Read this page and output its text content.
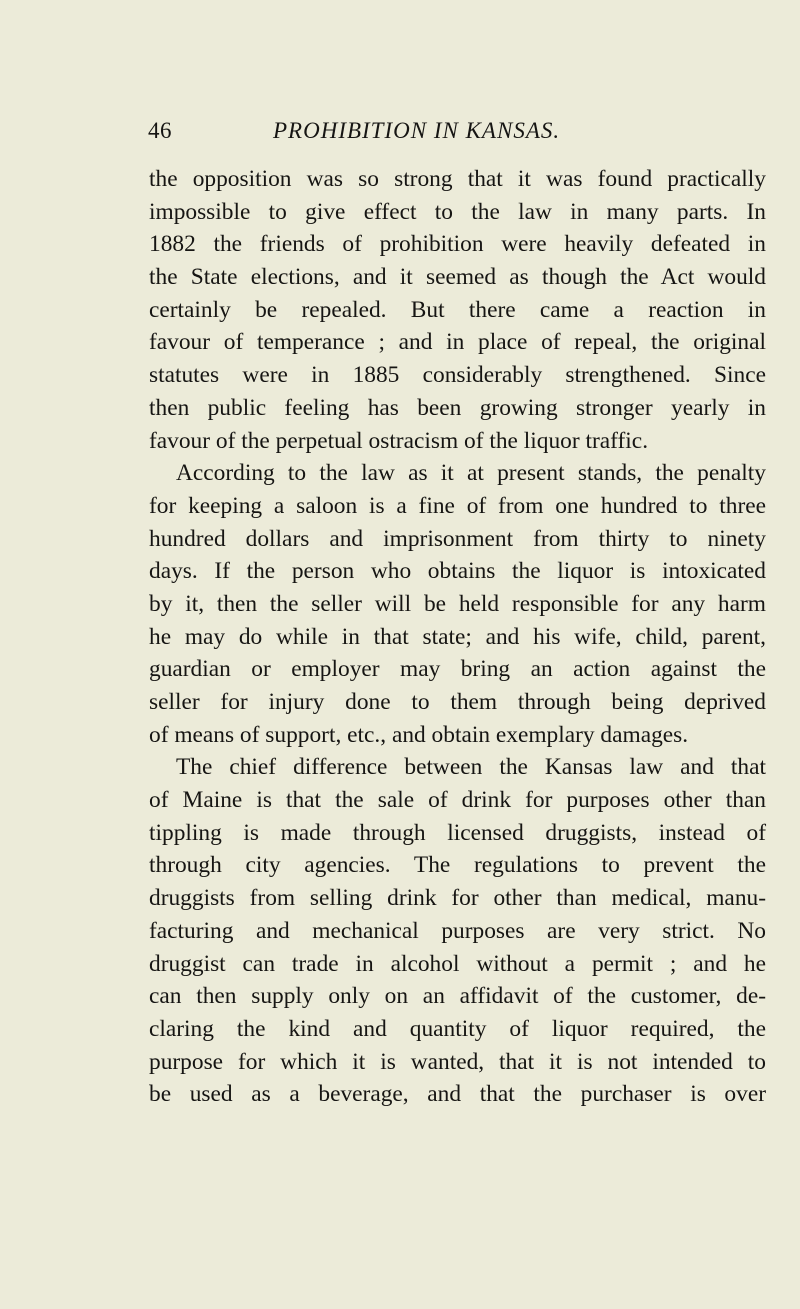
46	PROHIBITION IN KANSAS.
the opposition was so strong that it was found practically
impossible to give effect to the law in many parts. In
1882 the friends of prohibition were heavily defeated in
the State elections, and it seemed as though the Act would
certainly be repealed. But there came a reaction in
favour of temperance ; and in place of repeal, the original
statutes were in 1885 considerably strengthened. Since
then public feeling has been growing stronger yearly in
favour of the perpetual ostracism of the liquor traffic.
According to the law as it at present stands, the penalty
for keeping a saloon is a fine of from one hundred to three
hundred dollars and imprisonment from thirty to ninety
days. If the person who obtains the liquor is intoxicated
by it, then the seller will be held responsible for any harm
he may do while in that state; and his wife, child, parent,
guardian or employer may bring an action against the
seller for injury done to them through being deprived
of means of support, etc., and obtain exemplary damages.
The chief difference between the Kansas law and that
of Maine is that the sale of drink for purposes other than
tippling is made through licensed druggists, instead of
through city agencies. The regulations to prevent the
druggists from selling drink for other than medical, manu-
facturing and mechanical purposes are very strict. No
druggist can trade in alcohol without a permit ; and he
can then supply only on an affidavit of the customer, de-
claring the kind and quantity of liquor required, the
purpose for which it is wanted, that it is not intended to
be used as a beverage, and that the purchaser is over
